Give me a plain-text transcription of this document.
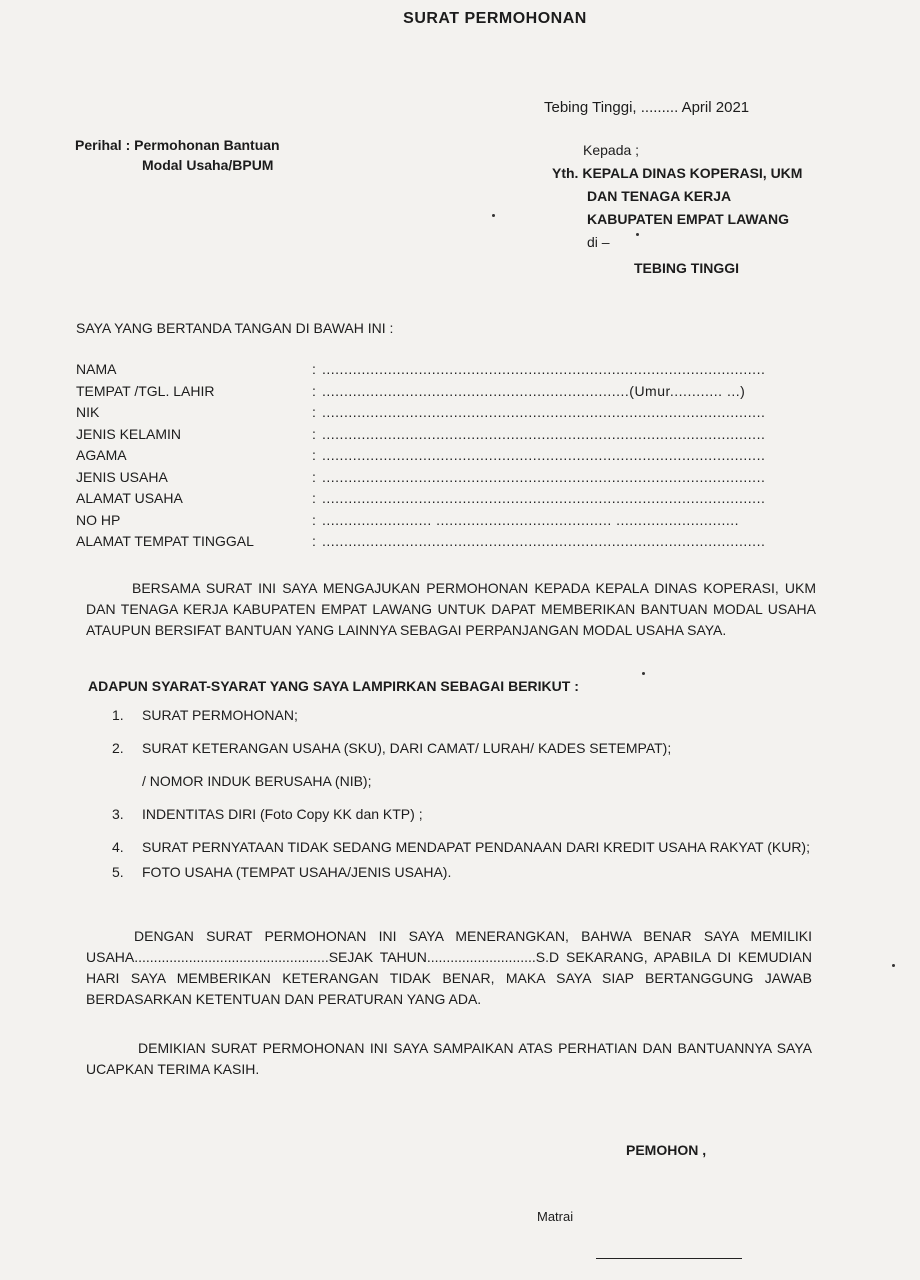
SURAT PERMOHONAN
Tebing Tinggi, ......... April 2021
Perihal : Permohonan Bantuan
Modal Usaha/BPUM
Kepada ;
Yth. KEPALA DINAS KOPERASI, UKM
DAN TENAGA KERJA
KABUPATEN EMPAT LAWANG
di –
TEBING TINGGI
SAYA YANG BERTANDA TANGAN DI BAWAH INI :
NAMA	: .....................................................................................................
TEMPAT /TGL. LAHIR	: ......................................................................(Umur............ ...)
NIK	: .....................................................................................................
JENIS KELAMIN	: .....................................................................................................
AGAMA	: .....................................................................................................
JENIS USAHA	: .....................................................................................................
ALAMAT USAHA	: .....................................................................................................
NO HP	: ......................... ........................................ ............................
ALAMAT TEMPAT TINGGAL	: .....................................................................................................
BERSAMA SURAT INI SAYA MENGAJUKAN PERMOHONAN KEPADA KEPALA DINAS KOPERASI, UKM DAN TENAGA KERJA KABUPATEN EMPAT LAWANG UNTUK DAPAT MEMBERIKAN BANTUAN MODAL USAHA ATAUPUN BERSIFAT BANTUAN YANG LAINNYA SEBAGAI PERPANJANGAN MODAL USAHA SAYA.
ADAPUN SYARAT-SYARAT YANG SAYA LAMPIRKAN SEBAGAI BERIKUT :
1.	SURAT PERMOHONAN;
2.	SURAT KETERANGAN USAHA (SKU), DARI CAMAT/ LURAH/ KADES SETEMPAT);
/ NOMOR INDUK BERUSAHA (NIB);
3.	INDENTITAS DIRI (Foto Copy KK dan KTP) ;
4.	SURAT PERNYATAAN TIDAK SEDANG MENDAPAT PENDANAAN DARI KREDIT USAHA RAKYAT (KUR);
5.	FOTO USAHA (TEMPAT USAHA/JENIS USAHA).
DENGAN SURAT PERMOHONAN INI SAYA MENERANGKAN, BAHWA BENAR SAYA MEMILIKI USAHA..................................................SEJAK TAHUN............................S.D SEKARANG, APABILA DI KEMUDIAN HARI SAYA MEMBERIKAN KETERANGAN TIDAK BENAR, MAKA SAYA SIAP BERTANGGUNG JAWAB BERDASARKAN KETENTUAN DAN PERATURAN YANG ADA.
DEMIKIAN SURAT PERMOHONAN INI SAYA SAMPAIKAN ATAS PERHATIAN DAN BANTUANNYA SAYA UCAPKAN TERIMA KASIH.
PEMOHON ,
Matrai
